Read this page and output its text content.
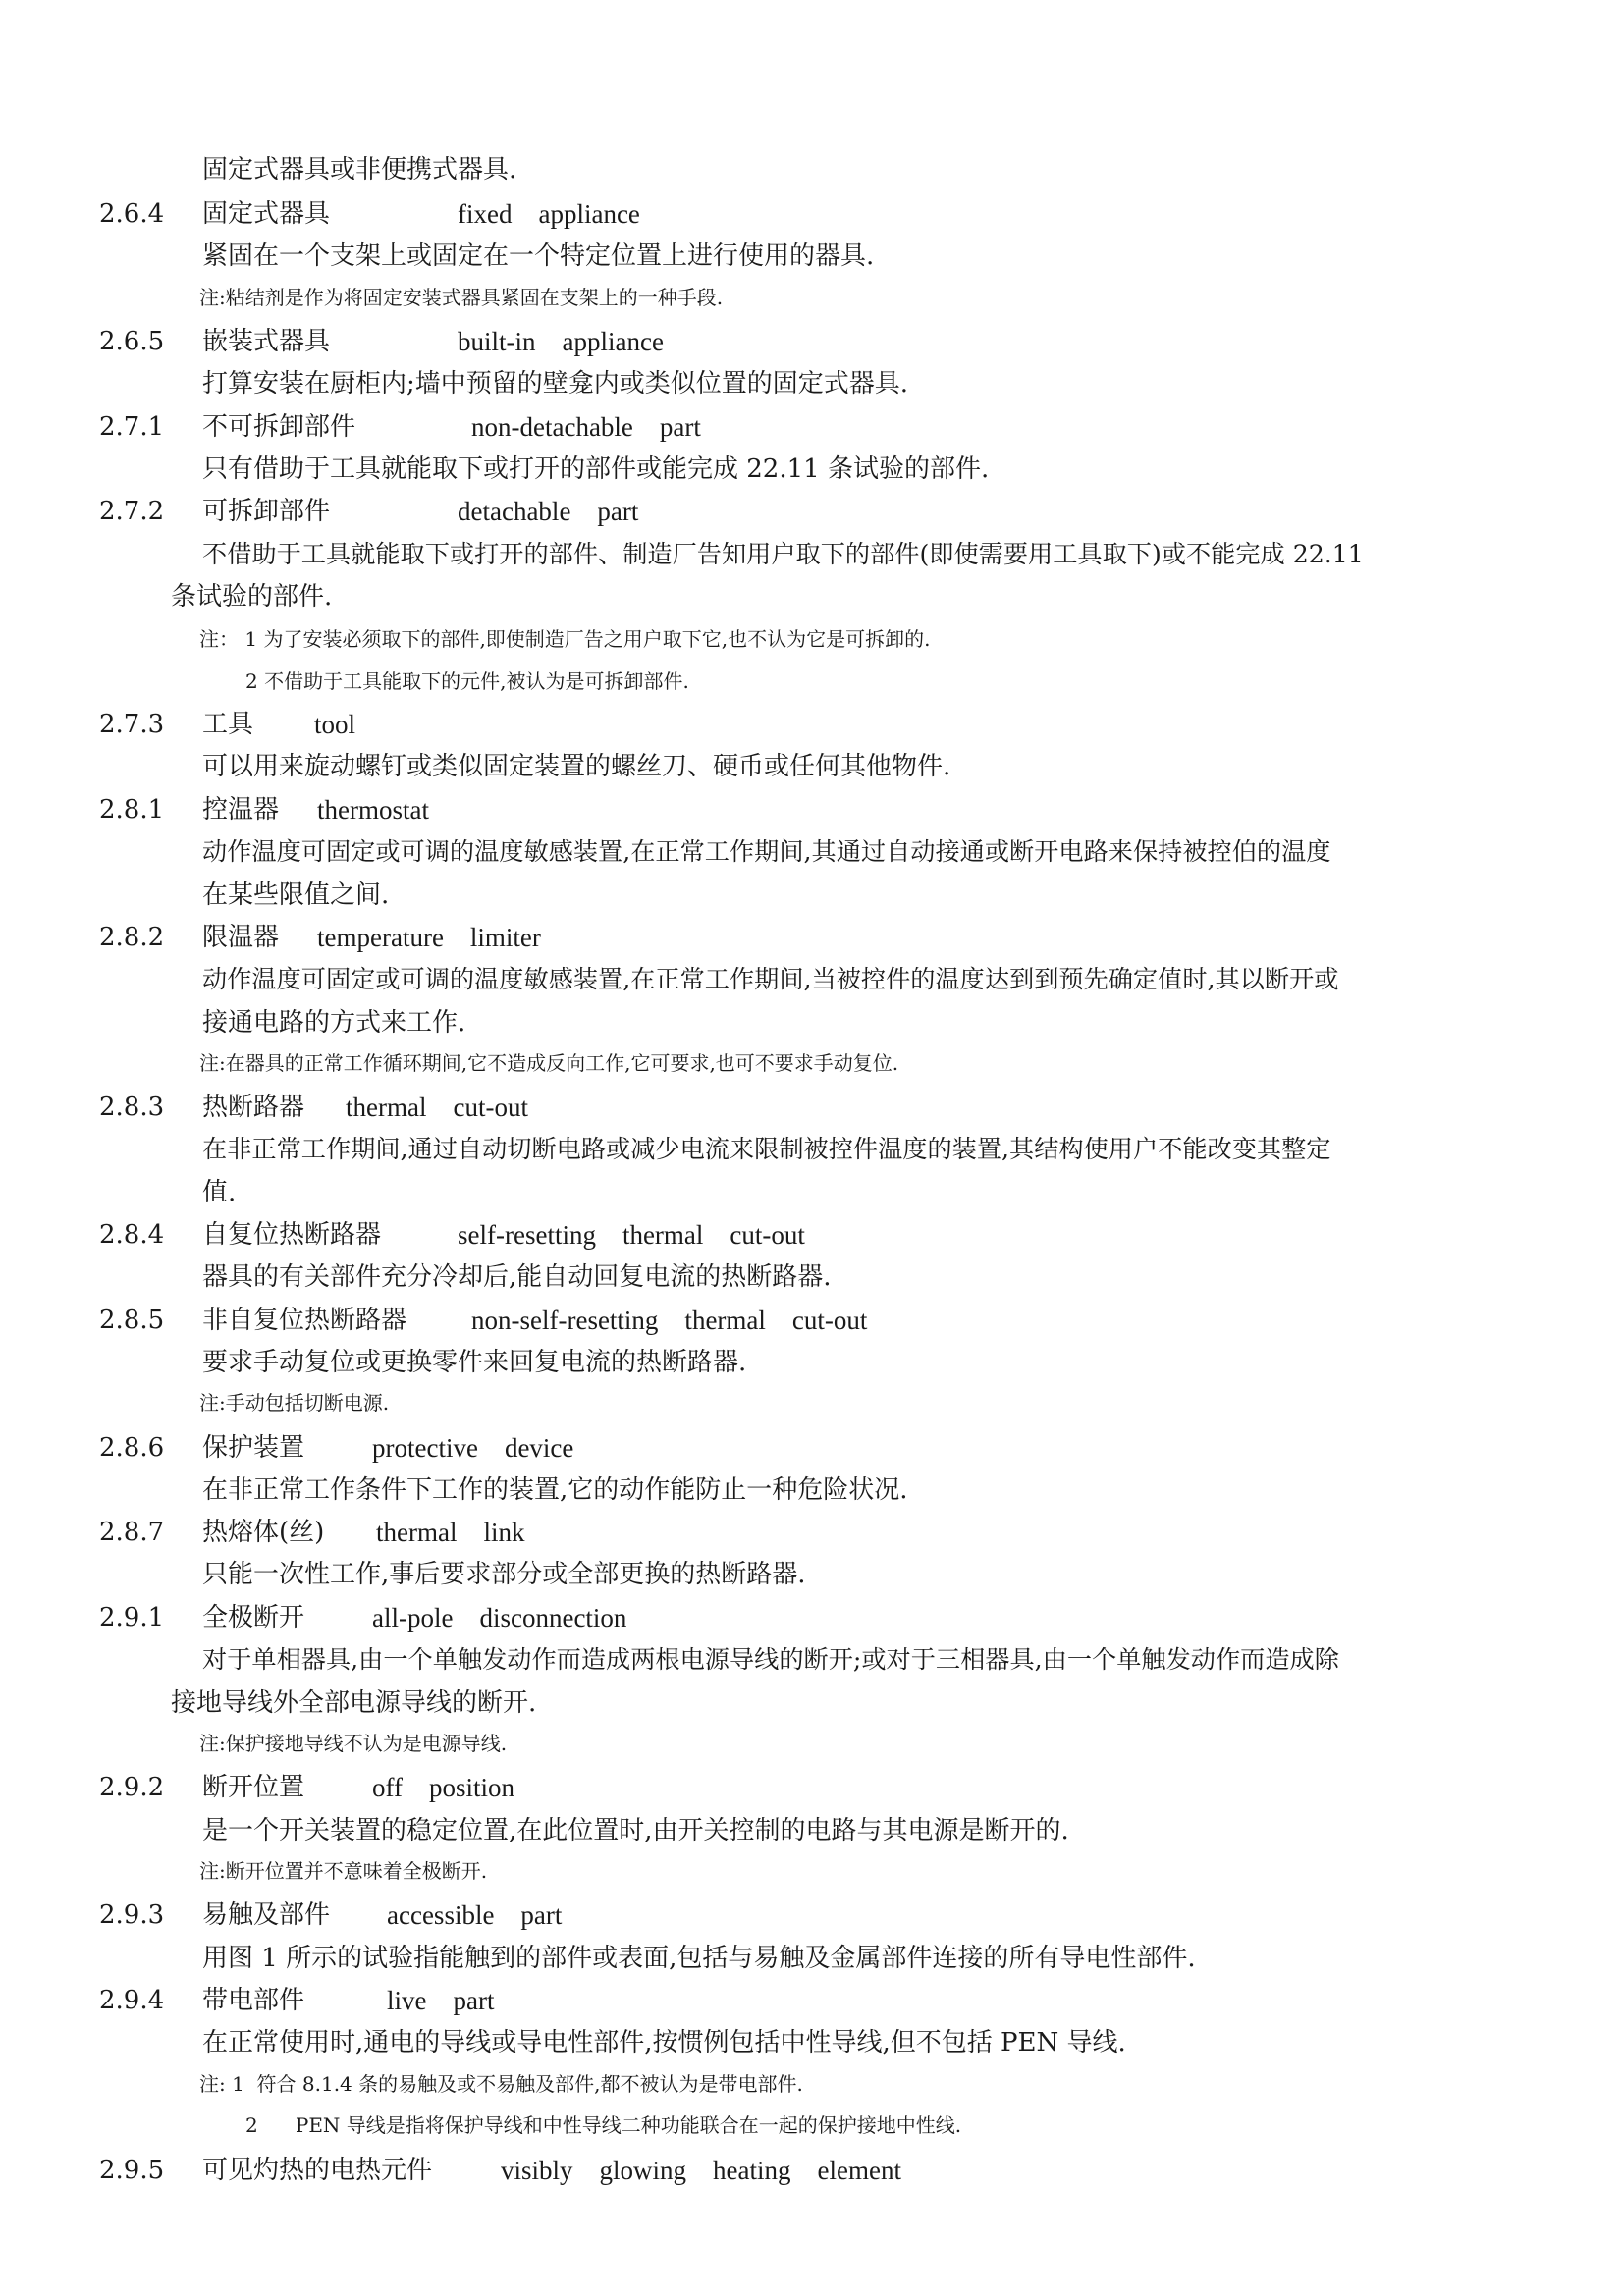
固定式器具或非便携式器具.
2.6.4 固定式器具	fixed    appliance
紧固在一个支架上或固定在一个特定位置上进行使用的器具.
注:粘结剂是作为将固定安装式器具紧固在支架上的一种手段.
2.6.5 嵌装式器具	built-in    appliance
打算安装在厨柜内;墙中预留的壁龛内或类似位置的固定式器具.
2.7.1 不可拆卸部件	non-detachable    part
只有借助于工具就能取下或打开的部件或能完成 22.11 条试验的部件.
2.7.2 可拆卸部件	detachable    part
不借助于工具就能取下或打开的部件、制造厂告知用户取下的部件(即使需要用工具取下)或不能完成 22.11
条试验的部件.
注： 1 为了安装必须取下的部件,即使制造厂告之用户取下它,也不认为它是可拆卸的.
2 不借助于工具能取下的元件,被认为是可拆卸部件.
2.7.3 工具 tool
可以用来旋动螺钉或类似固定装置的螺丝刀、硬币或任何其他物件.
2.8.1 控温器 thermostat
动作温度可固定或可调的温度敏感装置,在正常工作期间,其通过自动接通或断开电路来保持被控伯的温度
在某些限值之间.
2.8.2 限温器 temperature    limiter
动作温度可固定或可调的温度敏感装置,在正常工作期间,当被控件的温度达到到预先确定值时,其以断开或
接通电路的方式来工作.
注:在器具的正常工作循环期间,它不造成反向工作,它可要求,也可不要求手动复位.
2.8.3 热断路器 thermal    cut-out
在非正常工作期间,通过自动切断电路或减少电流来限制被控件温度的装置,其结构使用户不能改变其整定
值.
2.8.4 自复位热断路器	self-resetting    thermal    cut-out
器具的有关部件充分冷却后,能自动回复电流的热断路器.
2.8.5 非自复位热断路器 non-self-resetting    thermal    cut-out
要求手动复位或更换零件来回复电流的热断路器.
注:手动包括切断电源.
2.8.6 保护装置	protective    device
在非正常工作条件下工作的装置,它的动作能防止一种危险状况.
2.8.7 热熔体(丝) thermal    link
只能一次性工作,事后要求部分或全部更换的热断路器.
2.9.1 全极断开	all-pole    disconnection
对于单相器具,由一个单触发动作而造成两根电源导线的断开;或对于三相器具,由一个单触发动作而造成除
接地导线外全部电源导线的断开.
注:保护接地导线不认为是电源导线.
2.9.2 断开位置	off    position
是一个开关装置的稳定位置,在此位置时,由开关控制的电路与其电源是断开的.
注:断开位置并不意味着全极断开.
2.9.3 易触及部件 accessible    part
用图 1 所示的试验指能触到的部件或表面,包括与易触及金属部件连接的所有导电性部件.
2.9.4 带电部件	live    part
在正常使用时,通电的导线或导电性部件,按惯例包括中性导线,但不包括 PEN 导线.
注: 1  符合 8.1.4 条的易触及或不易触及部件,都不被认为是带电部件.
2      PEN 导线是指将保护导线和中性导线二种功能联合在一起的保护接地中性线.
2.9.5 可见灼热的电热元件	visibly    glowing    heating    element
